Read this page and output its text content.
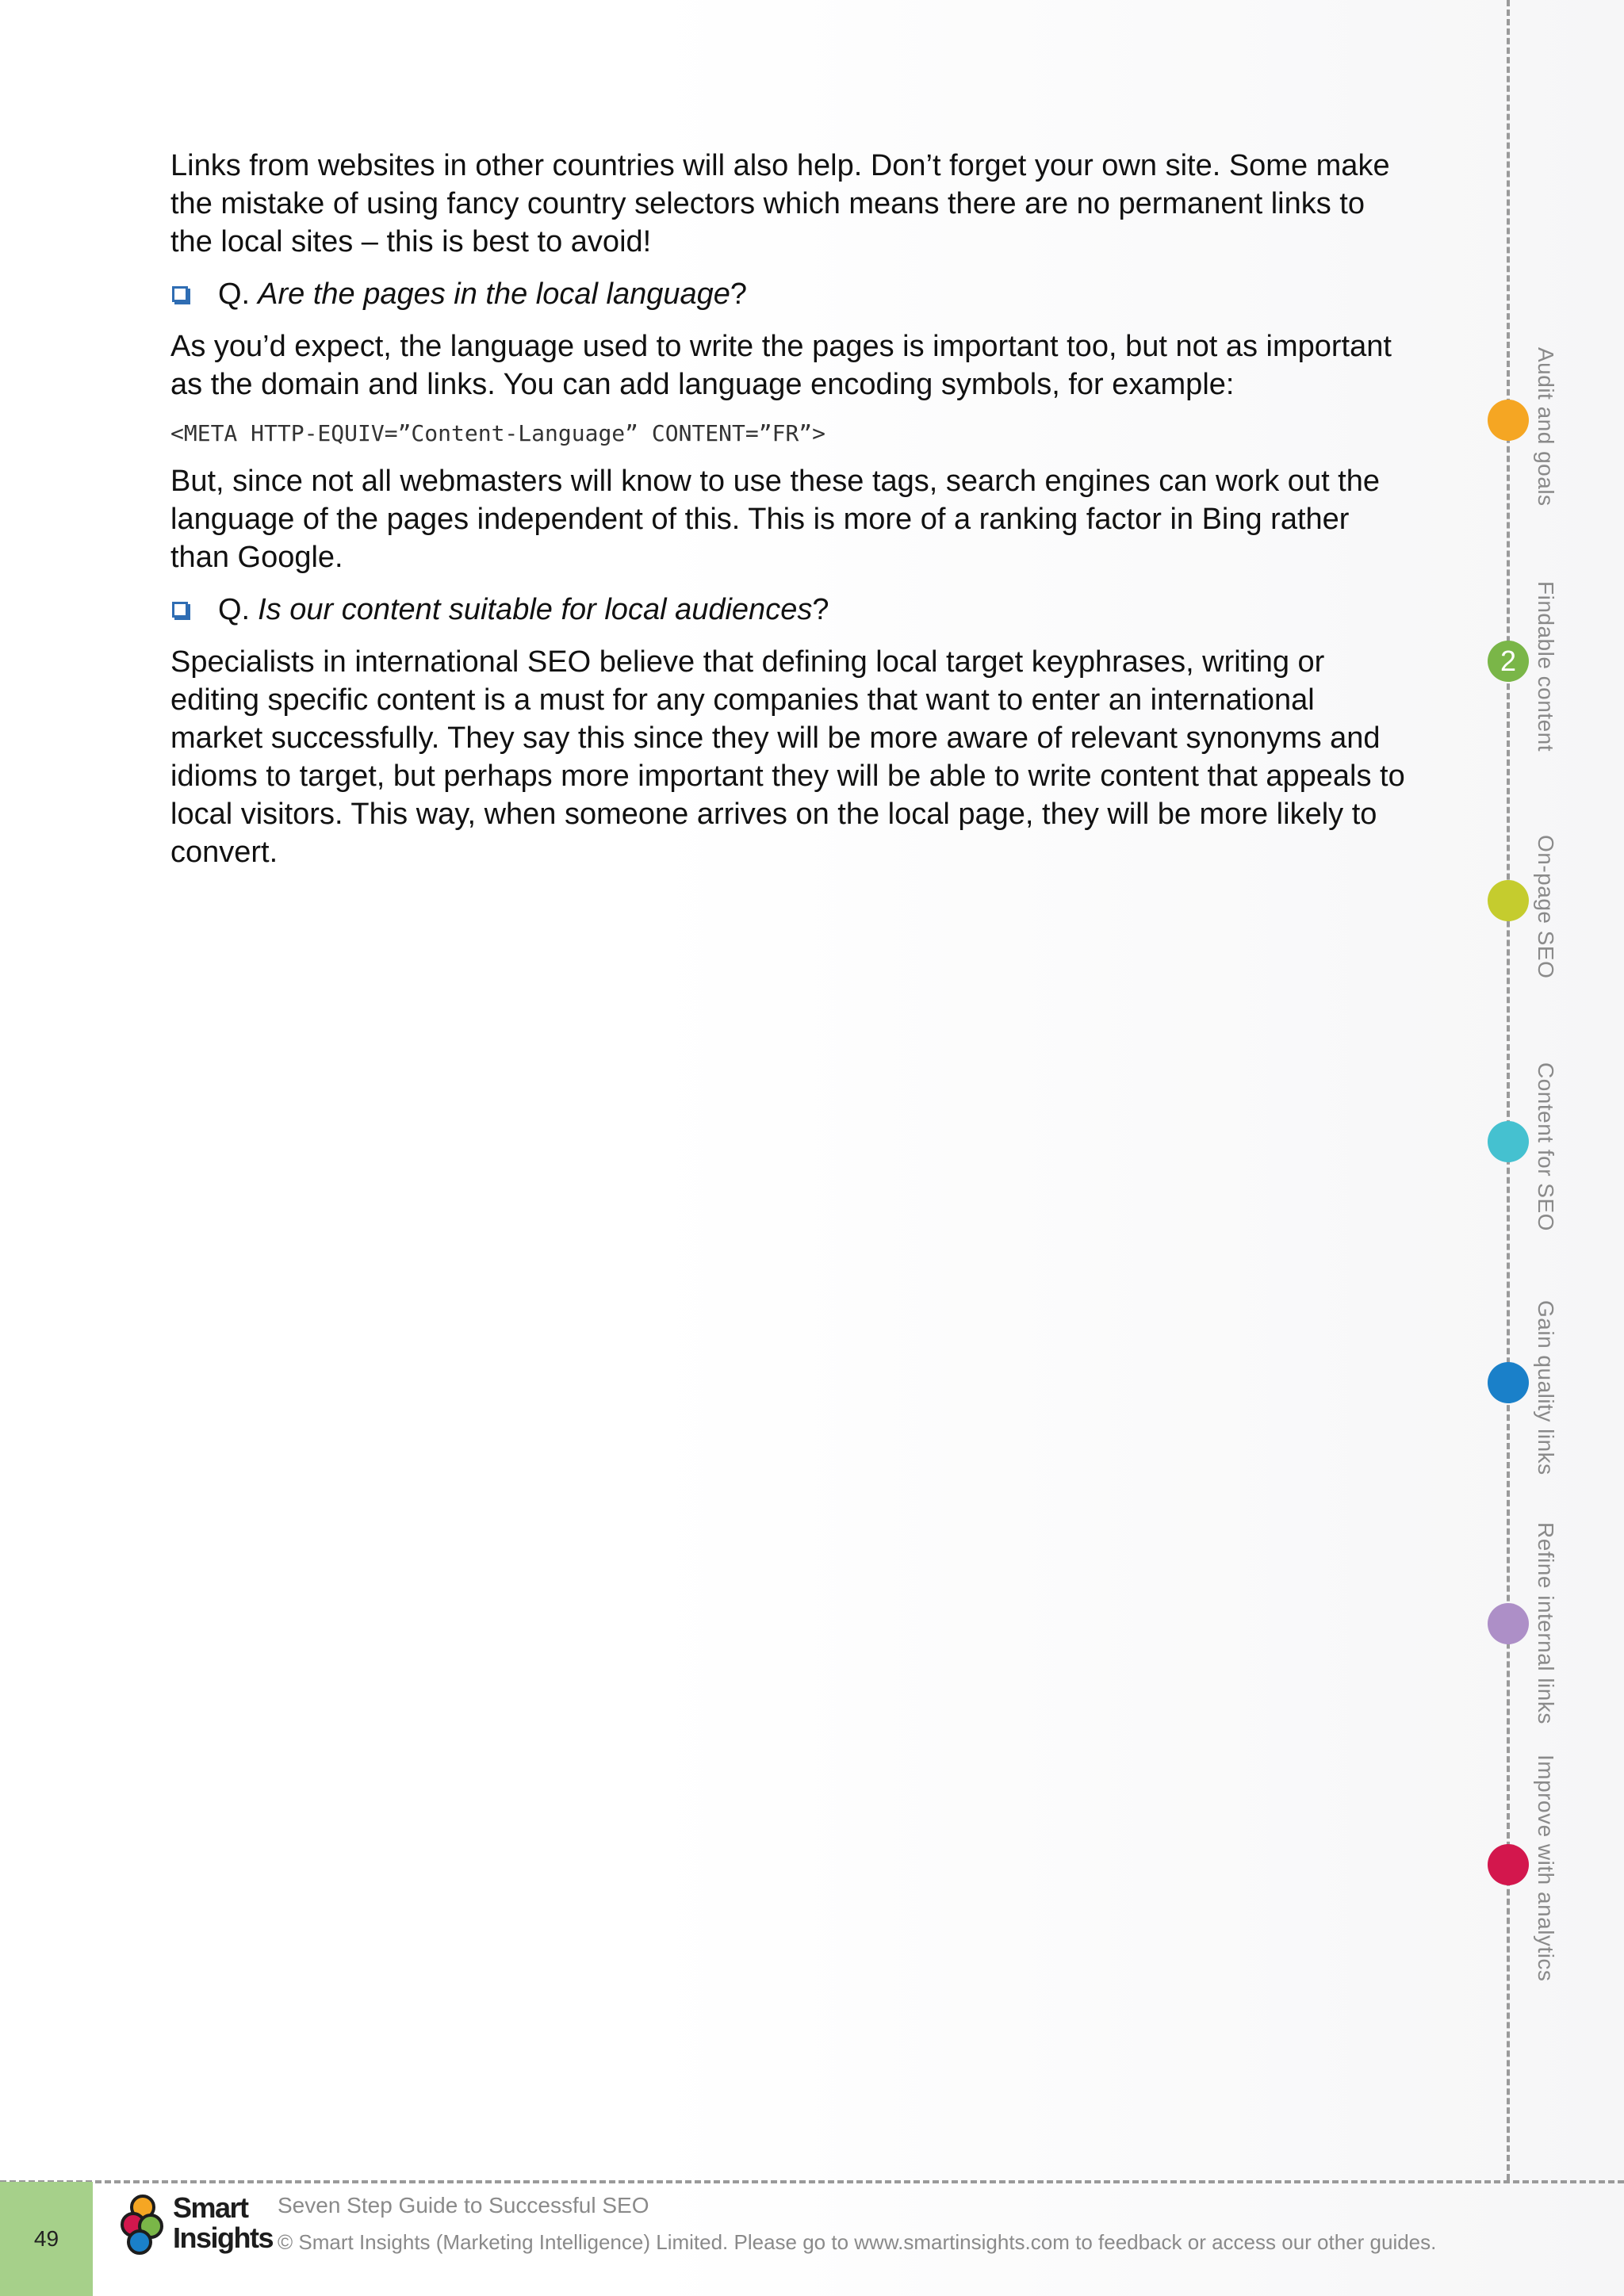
Links from websites in other countries will also help. Don’t forget your own site. Some make the mistake of using fancy country selectors which means there are no permanent links to the local sites – this is best to avoid!

Q. Are the pages in the local language ?

As you’d expect, the language used to write the pages is important too, but not as important as the domain and links. You can add language encoding symbols, for example:

<META HTTP-EQUIV=”Content-Language” CONTENT=”FR”>

But, since not all webmasters will know to use these tags, search engines can work out the language of the pages independent of this. This is more of a ranking factor in Bing rather than Google.

Q. Is our content suitable for local audiences ?

Specialists in international SEO believe that defining local target keyphrases, writing or editing specific content is a must for any companies that want to enter an international market successfully. They say this since they will be more aware of relevant synonyms and idioms to target, but perhaps more important they will be able to write content that appeals to local visitors. This way, when someone arrives on the local page, they will be more likely to convert.

Audit and goals
2 Findable content
On-page SEO
Content for SEO
Gain quality links
Refine internal links
Improve with analytics
49
Smart
Insights
Seven Step Guide to Successful SEO
© Smart Insights (Marketing Intelligence) Limited. Please go to www.smartinsights.com to feedback or access our other guides.
